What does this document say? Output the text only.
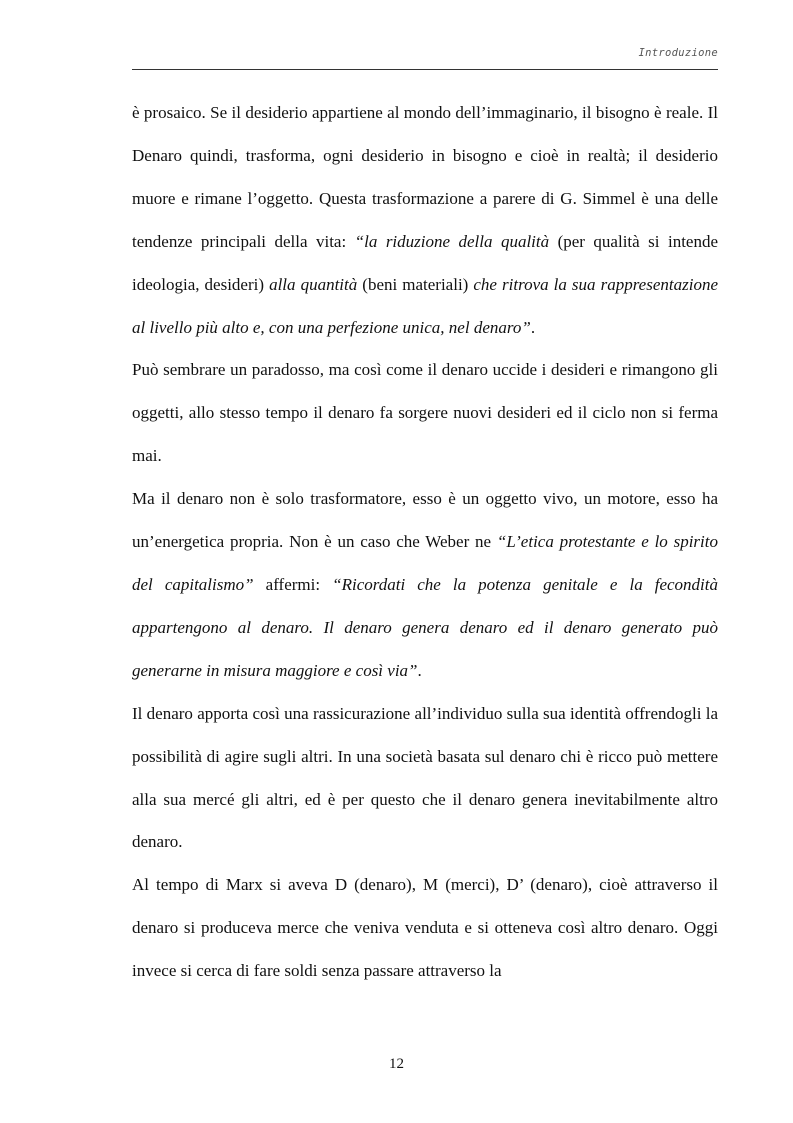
Introduzione

è prosaico. Se il desiderio appartiene al mondo dell’immaginario, il bisogno è reale. Il Denaro quindi, trasforma, ogni desiderio in bisogno e cioè in realtà; il desiderio muore e rimane l’oggetto. Questa trasformazione a parere di G. Simmel è una delle tendenze principali della vita: “la riduzione della qualità (per qualità si intende ideologia, desideri) alla quantità (beni materiali) che ritrova la sua rappresentazione al livello più alto e, con una perfezione unica, nel denaro”.

Può sembrare un paradosso, ma così come il denaro uccide i desideri e rimangono gli oggetti, allo stesso tempo il denaro fa sorgere nuovi desideri ed il ciclo non si ferma mai.

Ma il denaro non è solo trasformatore, esso è un oggetto vivo, un motore, esso ha un’energetica propria. Non è un caso che Weber ne “L’etica protestante e lo spirito del capitalismo” affermi: “Ricordati che la potenza genitale e la fecondità appartengono al denaro. Il denaro genera denaro ed il denaro generato può generarne in misura maggiore e così via”.

Il denaro apporta così una rassicurazione all’individuo sulla sua identità offrendogli la possibilità di agire sugli altri. In una società basata sul denaro chi è ricco può mettere alla sua mercé gli altri, ed è per questo che il denaro genera inevitabilmente altro denaro.

Al tempo di Marx si aveva D (denaro), M (merci), D’ (denaro), cioè attraverso il denaro si produceva merce che veniva venduta e si otteneva così altro denaro. Oggi invece si cerca di fare soldi senza passare attraverso la

12
